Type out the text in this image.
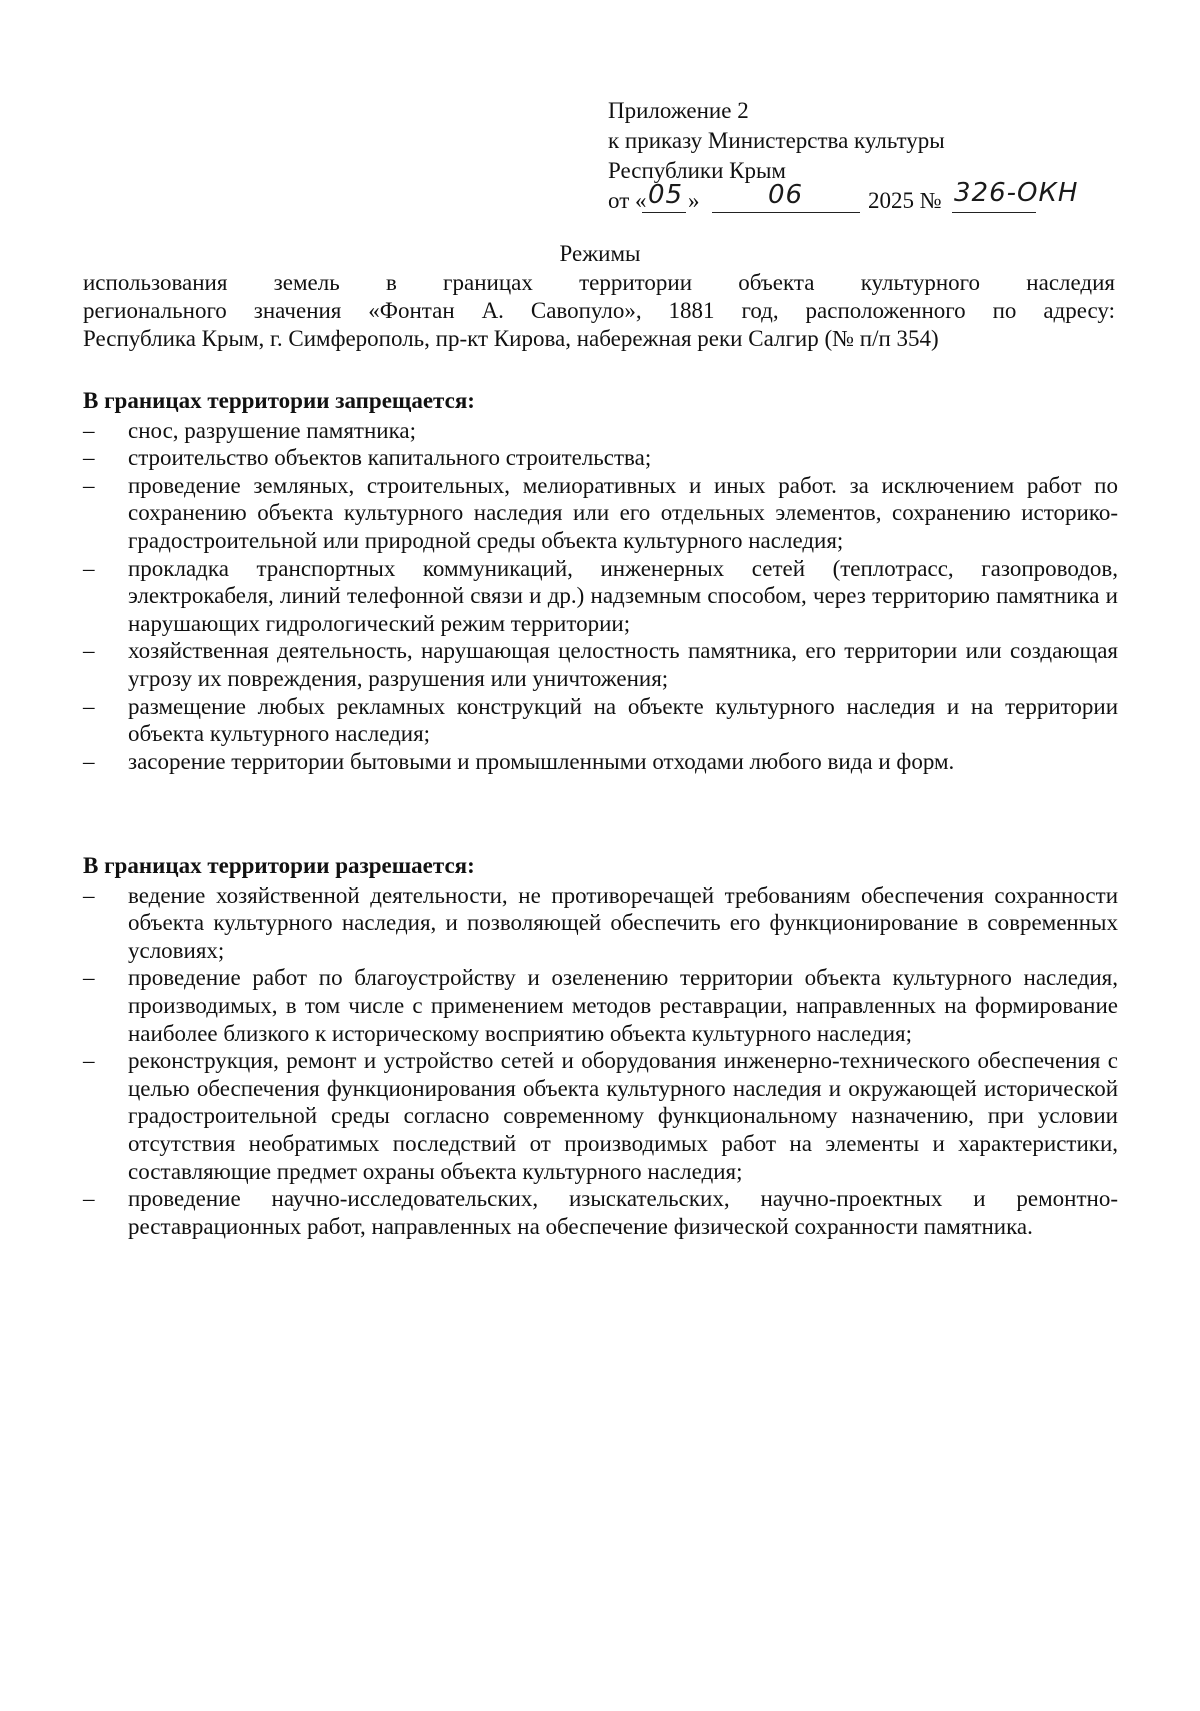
Приложение 2
к приказу Министерства культуры
Республики Крым
от « 05 »	06	2025 № 326-ОКН
Режимы
использования земель в границах территории объекта культурного наследия
регионального значения «Фонтан А. Савопуло», 1881 год, расположенного по адресу:
Республика Крым, г. Симферополь, пр-кт Кирова, набережная реки Салгир (№ п/п 354)
В границах территории запрещается:
–	снос, разрушение памятника;
–	строительство объектов капитального строительства;
–	проведение земляных, строительных, мелиоративных и иных работ. за исключением работ по сохранению объекта культурного наследия или его отдельных элементов, сохранению историко-градостроительной или природной среды объекта культурного наследия;
–	прокладка транспортных коммуникаций, инженерных сетей (теплотрасс, газопроводов, электрокабеля, линий телефонной связи и др.) надземным способом, через территорию памятника и нарушающих гидрологический режим территории;
–	хозяйственная деятельность, нарушающая целостность памятника, его территории или создающая угрозу их повреждения, разрушения или уничтожения;
–	размещение любых рекламных конструкций на объекте культурного наследия и на территории объекта культурного наследия;
–	засорение территории бытовыми и промышленными отходами любого вида и форм.
В границах территории разрешается:
–	ведение хозяйственной деятельности, не противоречащей требованиям обеспечения сохранности объекта культурного наследия, и позволяющей обеспечить его функционирование в современных условиях;
–	проведение работ по благоустройству и озеленению территории объекта культурного наследия, производимых, в том числе с применением методов реставрации, направленных на формирование наиболее близкого к историческому восприятию объекта культурного наследия;
–	реконструкция, ремонт и устройство сетей и оборудования инженерно-технического обеспечения с целью обеспечения функционирования объекта культурного наследия и окружающей исторической градостроительной среды согласно современному функциональному назначению, при условии отсутствия необратимых последствий от производимых работ на элементы и характеристики, составляющие предмет охраны объекта культурного наследия;
–	проведение научно-исследовательских, изыскательских, научно-проектных и ремонтно-реставрационных работ, направленных на обеспечение физической сохранности памятника.
